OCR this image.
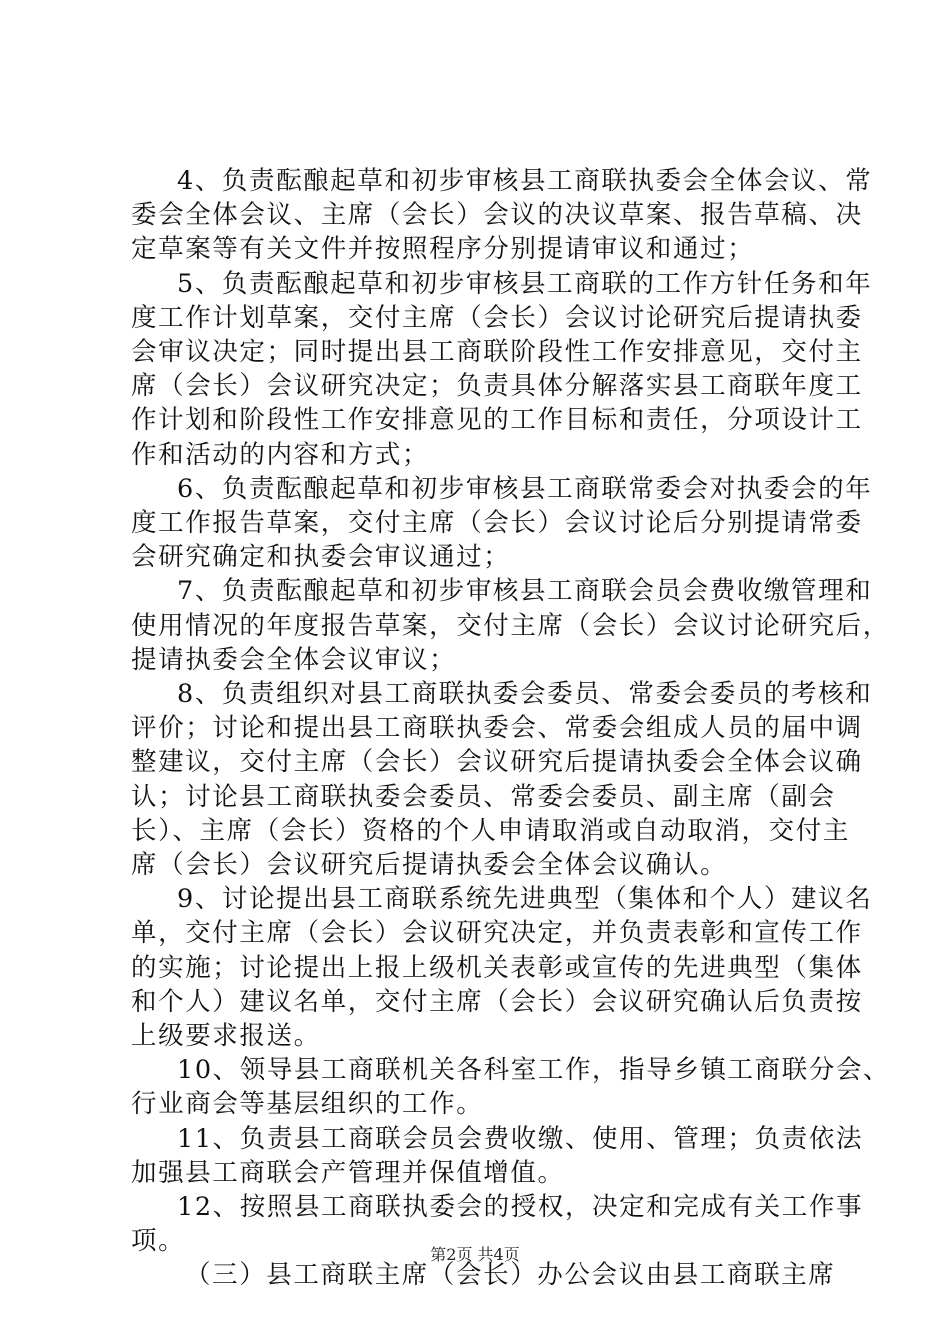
4、负责酝酿起草和初步审核县工商联执委会全体会议、常
委会全体会议、主席（会长）会议的决议草案、报告草稿、决
定草案等有关文件并按照程序分别提请审议和通过；
5、负责酝酿起草和初步审核县工商联的工作方针任务和年
度工作计划草案，交付主席（会长）会议讨论研究后提请执委
会审议决定；同时提出县工商联阶段性工作安排意见，交付主
席（会长）会议研究决定；负责具体分解落实县工商联年度工
作计划和阶段性工作安排意见的工作目标和责任，分项设计工
作和活动的内容和方式；
6、负责酝酿起草和初步审核县工商联常委会对执委会的年
度工作报告草案，交付主席（会长）会议讨论后分别提请常委
会研究确定和执委会审议通过；
7、负责酝酿起草和初步审核县工商联会员会费收缴管理和
使用情况的年度报告草案，交付主席（会长）会议讨论研究后，
提请执委会全体会议审议；
8、负责组织对县工商联执委会委员、常委会委员的考核和
评价；讨论和提出县工商联执委会、常委会组成人员的届中调
整建议，交付主席（会长）会议研究后提请执委会全体会议确
认；讨论县工商联执委会委员、常委会委员、副主席（副会
长）、主席（会长）资格的个人申请取消或自动取消，交付主
席（会长）会议研究后提请执委会全体会议确认。
9、讨论提出县工商联系统先进典型（集体和个人）建议名
单，交付主席（会长）会议研究决定，并负责表彰和宣传工作
的实施；讨论提出上报上级机关表彰或宣传的先进典型（集体
和个人）建议名单，交付主席（会长）会议研究确认后负责按
上级要求报送。
10、领导县工商联机关各科室工作，指导乡镇工商联分会、
行业商会等基层组织的工作。
11、负责县工商联会员会费收缴、使用、管理；负责依法
加强县工商联会产管理并保值增值。
12、按照县工商联执委会的授权，决定和完成有关工作事
项。
（三）县工商联主席（会长）办公会议由县工商联主席
第2页 共4页
